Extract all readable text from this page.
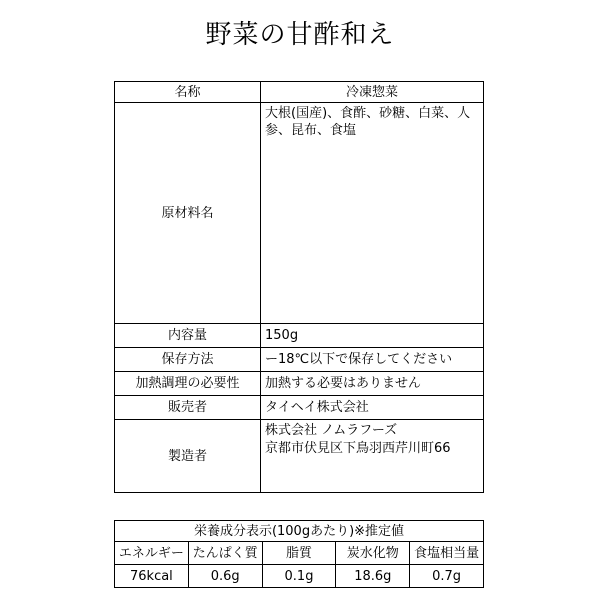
野菜の甘酢和え
名称	冷凍惣菜
原材料名	大根(国産)、食酢、砂糖、白菜、人参、昆布、食塩
内容量	150g
保存方法	ー18℃以下で保存してください
加熱調理の必要性	加熱する必要はありません
販売者	タイヘイ株式会社
製造者	株式会社 ノムラフーズ
京都市伏見区下鳥羽西芹川町66
栄養成分表示(100gあたり)※推定値				
エネルギー	たんぱく質	脂質	炭水化物	食塩相当量
76kcal	0.6g	0.1g	18.6g	0.7g
